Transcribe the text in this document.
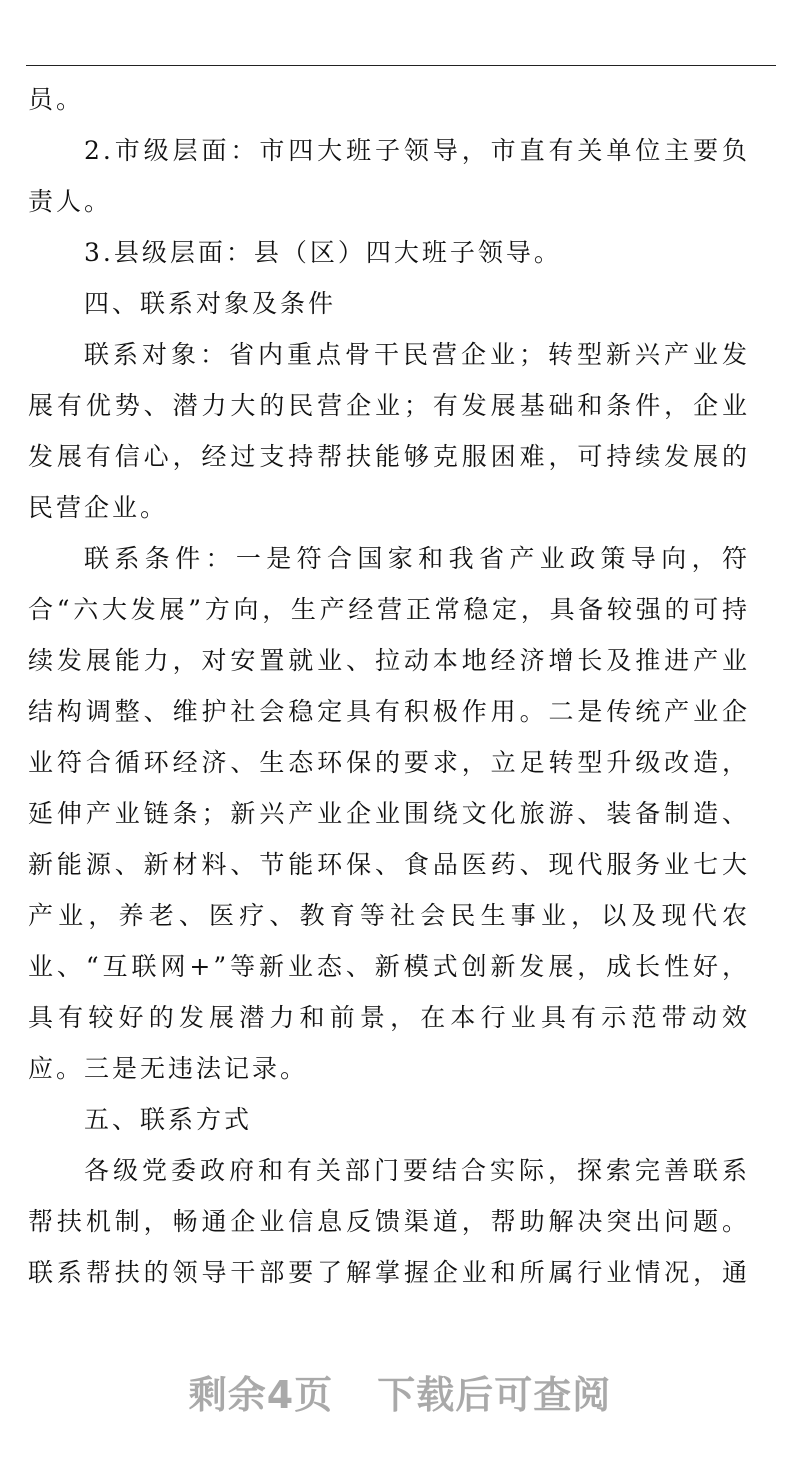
员。

2.市级层面：市四大班子领导，市直有关单位主要负责人。

3.县级层面：县（区）四大班子领导。

四、联系对象及条件

联系对象：省内重点骨干民营企业；转型新兴产业发展有优势、潜力大的民营企业；有发展基础和条件，企业发展有信心，经过支持帮扶能够克服困难，可持续发展的民营企业。

联系条件：一是符合国家和我省产业政策导向，符合“六大发展”方向，生产经营正常稳定，具备较强的可持续发展能力，对安置就业、拉动本地经济增长及推进产业结构调整、维护社会稳定具有积极作用。二是传统产业企业符合循环经济、生态环保的要求，立足转型升级改造，延伸产业链条；新兴产业企业围绕文化旅游、装备制造、新能源、新材料、节能环保、食品医药、现代服务业七大产业，养老、医疗、教育等社会民生事业，以及现代农业、“互联网+”等新业态、新模式创新发展，成长性好，具有较好的发展潜力和前景，在本行业具有示范带动效应。三是无违法记录。

五、联系方式

各级党委政府和有关部门要结合实际，探索完善联系帮扶机制，畅通企业信息反馈渠道，帮助解决突出问题。联系帮扶的领导干部要了解掌握企业和所属行业情况，通

剩余4页 下载后可查阅
